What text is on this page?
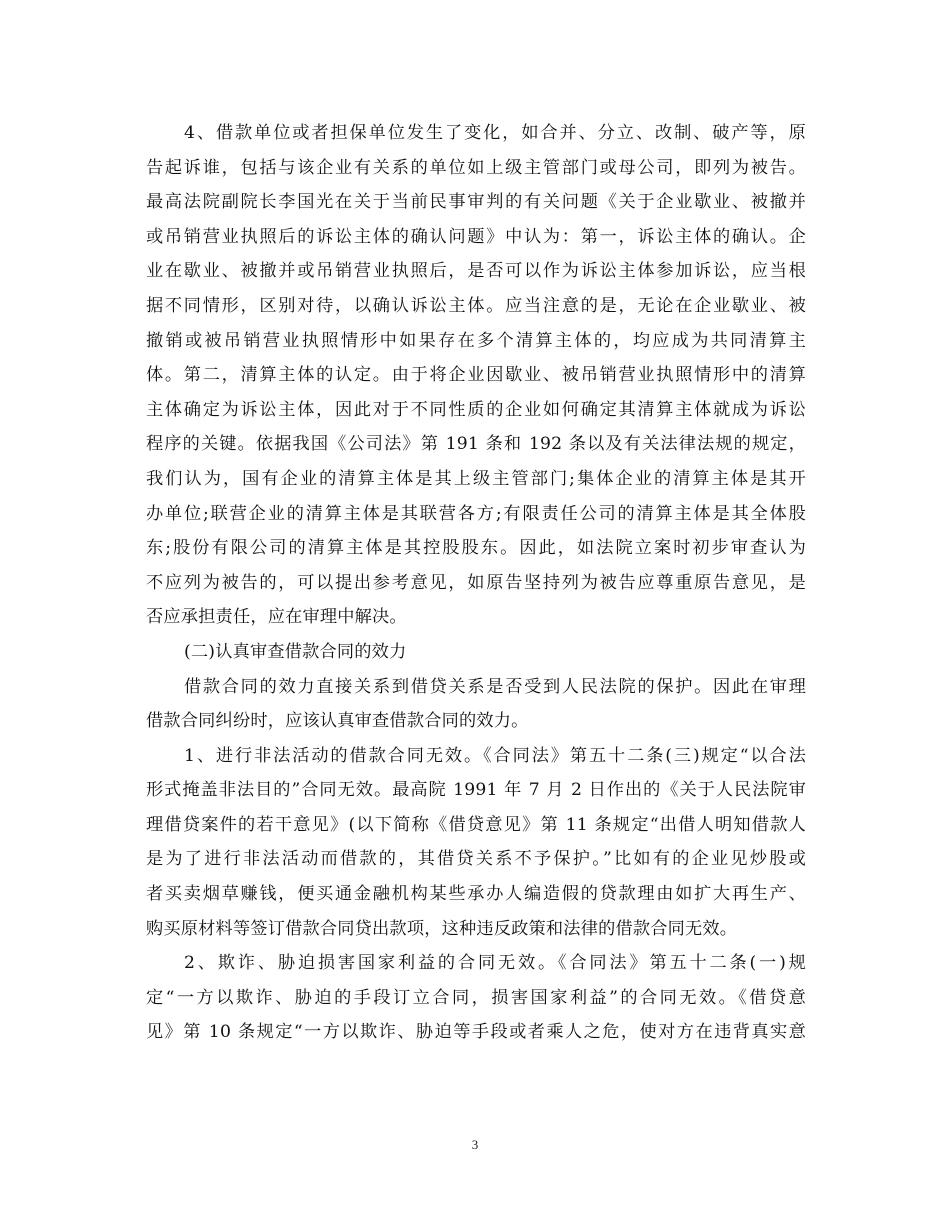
4、借款单位或者担保单位发生了变化，如合并、分立、改制、破产等，原
告起诉谁，包括与该企业有关系的单位如上级主管部门或母公司，即列为被告。
最高法院副院长李国光在关于当前民事审判的有关问题《关于企业歇业、被撤并
或吊销营业执照后的诉讼主体的确认问题》中认为：第一，诉讼主体的确认。企
业在歇业、被撤并或吊销营业执照后，是否可以作为诉讼主体参加诉讼，应当根
据不同情形，区别对待，以确认诉讼主体。应当注意的是，无论在企业歇业、被
撤销或被吊销营业执照情形中如果存在多个清算主体的，均应成为共同清算主
体。第二，清算主体的认定。由于将企业因歇业、被吊销营业执照情形中的清算
主体确定为诉讼主体，因此对于不同性质的企业如何确定其清算主体就成为诉讼
程序的关键。依据我国《公司法》第 191 条和 192 条以及有关法律法规的规定，
我们认为，国有企业的清算主体是其上级主管部门;集体企业的清算主体是其开
办单位;联营企业的清算主体是其联营各方;有限责任公司的清算主体是其全体股
东;股份有限公司的清算主体是其控股股东。因此，如法院立案时初步审查认为
不应列为被告的，可以提出参考意见，如原告坚持列为被告应尊重原告意见，是
否应承担责任，应在审理中解决。
(二)认真审查借款合同的效力
借款合同的效力直接关系到借贷关系是否受到人民法院的保护。因此在审理
借款合同纠纷时，应该认真审查借款合同的效力。
1、进行非法活动的借款合同无效。《合同法》第五十二条(三)规定“以合法
形式掩盖非法目的”合同无效。最高院 1991 年 7 月 2 日作出的《关于人民法院审
理借贷案件的若干意见》(以下简称《借贷意见》第 11 条规定“出借人明知借款人
是为了进行非法活动而借款的，其借贷关系不予保护。”比如有的企业见炒股或
者买卖烟草赚钱，便买通金融机构某些承办人编造假的贷款理由如扩大再生产、
购买原材料等签订借款合同贷出款项，这种违反政策和法律的借款合同无效。
2、欺诈、胁迫损害国家利益的合同无效。《合同法》第五十二条(一)规
定“一方以欺诈、胁迫的手段订立合同，损害国家利益”的合同无效。《借贷意
见》第 10 条规定“一方以欺诈、胁迫等手段或者乘人之危，使对方在违背真实意
3
